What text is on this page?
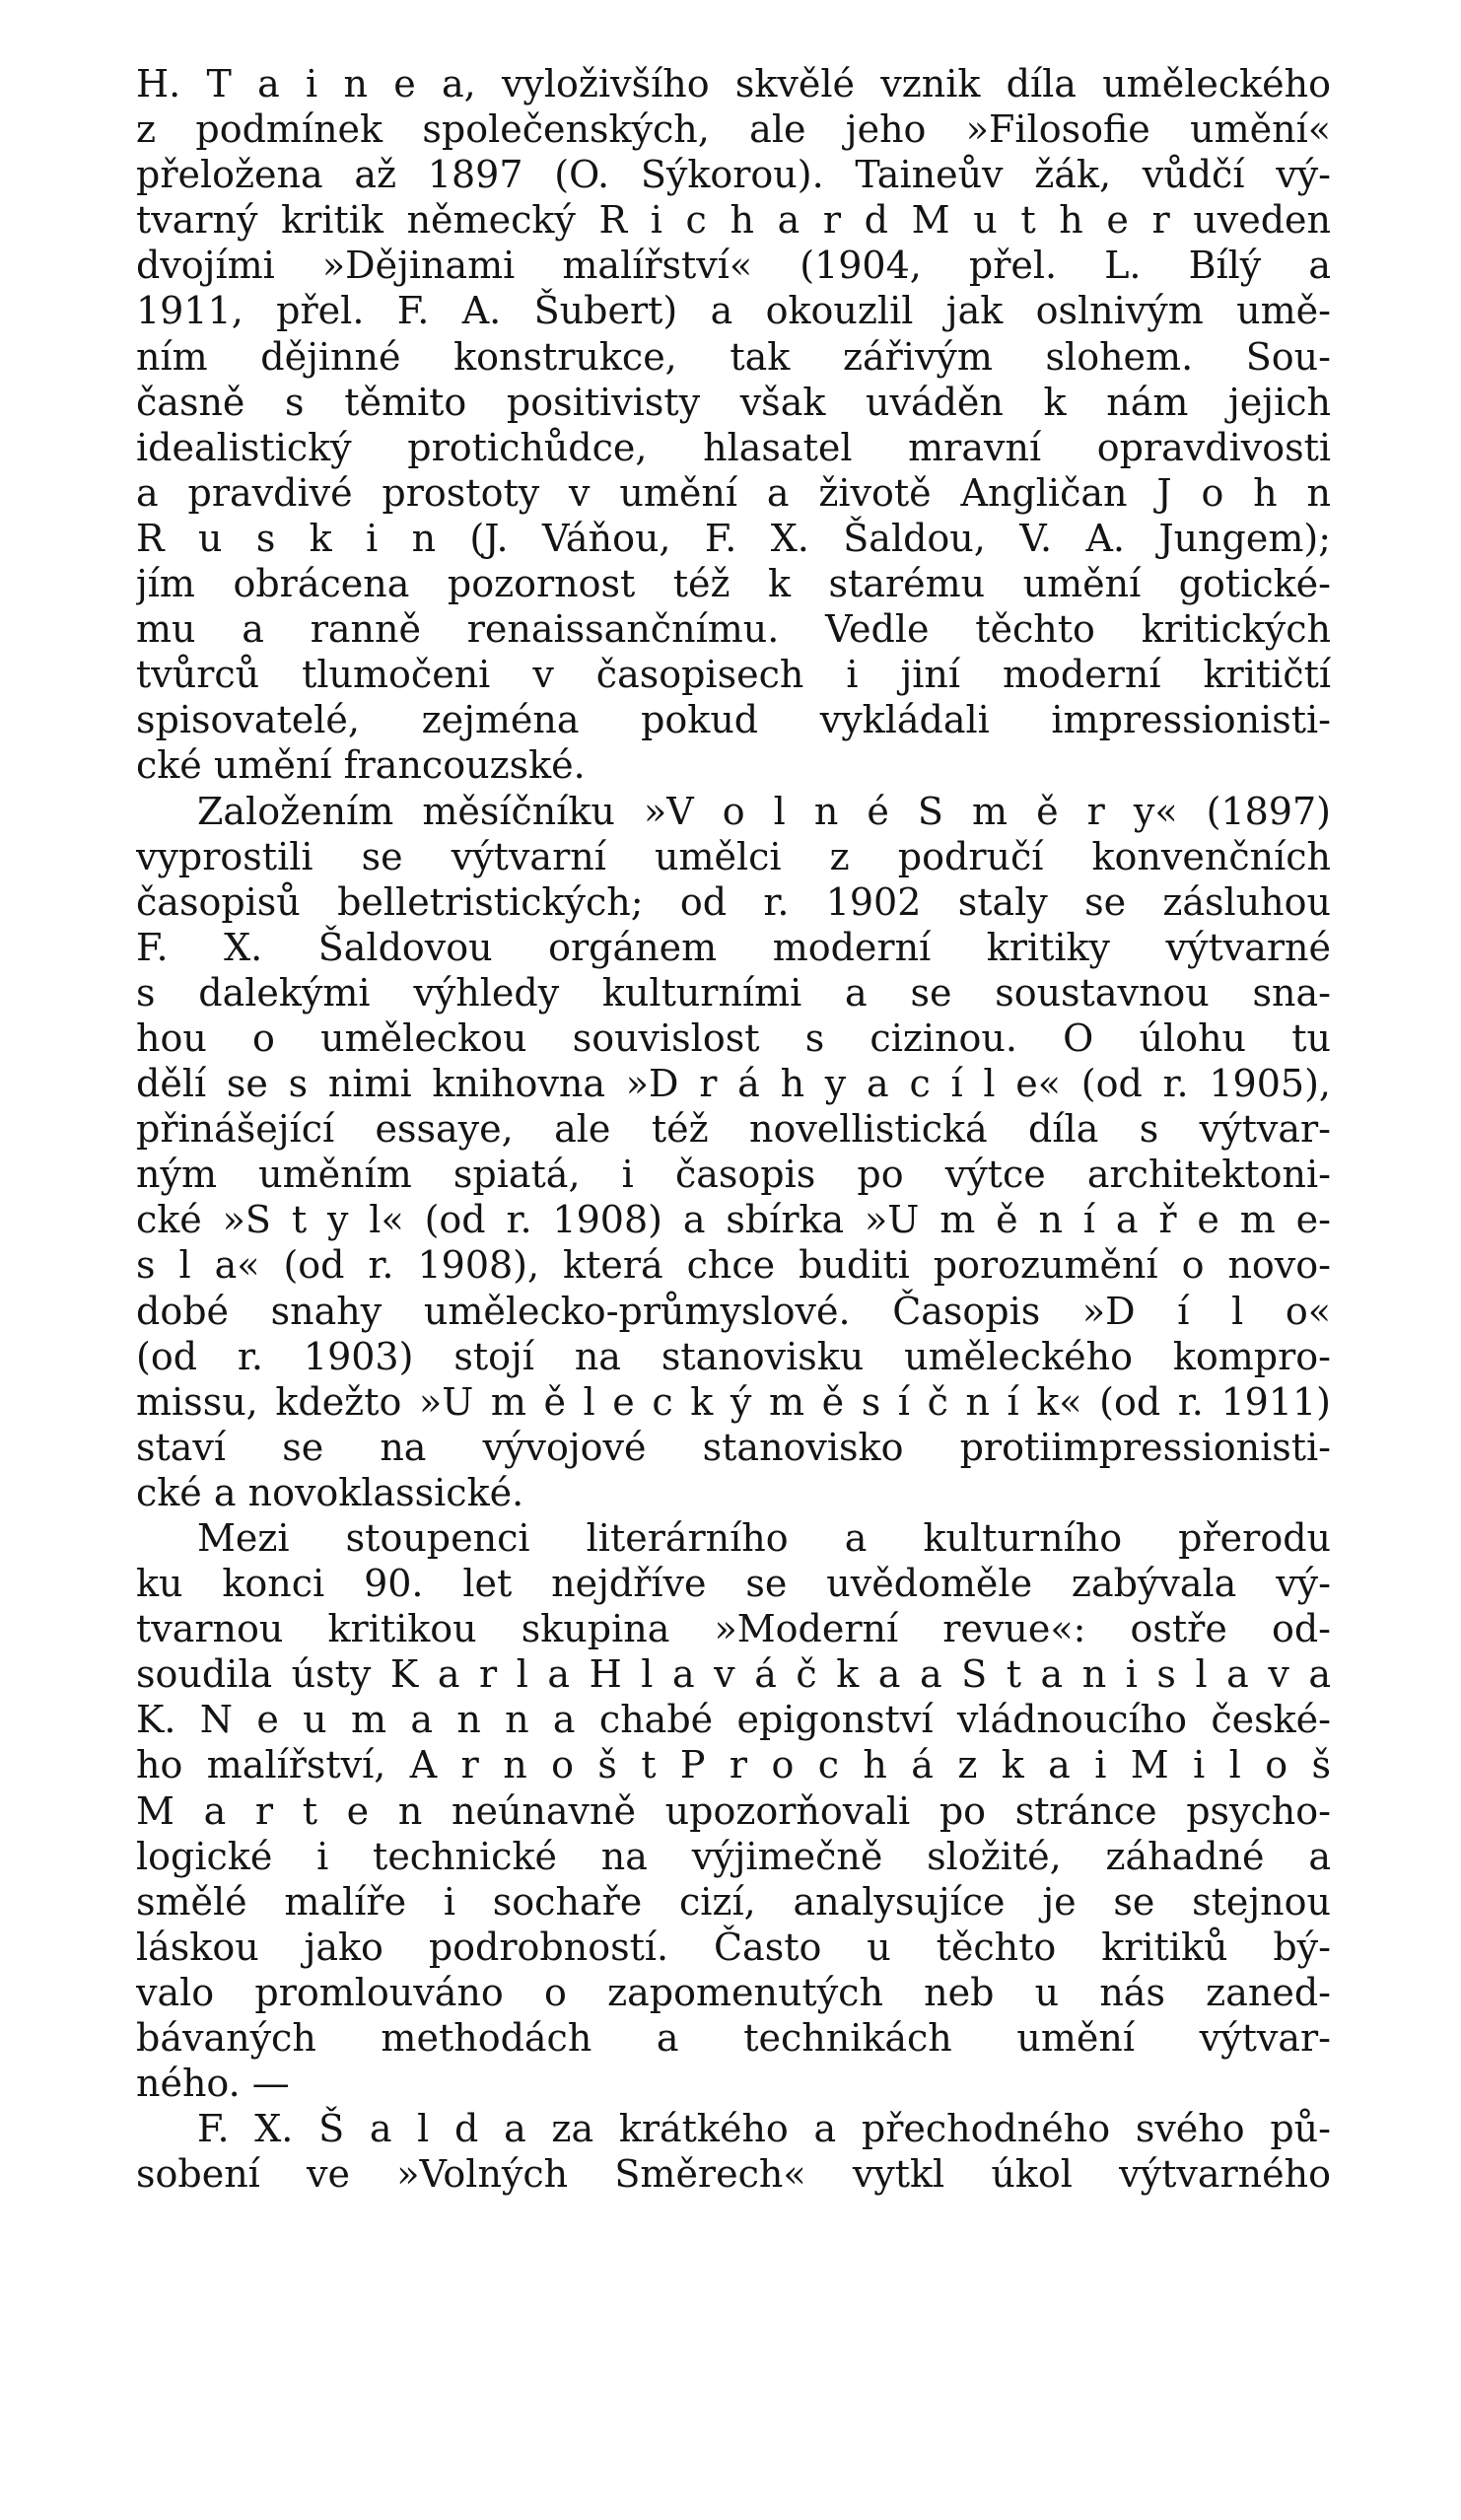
H. T a i n e a, vyloživšího skvělé vznik díla uměleckého
z podmínek společenských, ale jeho »Filosofie umění«
přeložena až 1897 (O. Sýkorou). Taineův žák, vůdčí vý-
tvarný kritik německý R i c h a r d M u t h e r uveden
dvojími »Dějinami malířství« (1904, přel. L. Bílý a
1911, přel. F. A. Šubert) a okouzlil jak oslnivým umě-
ním dějinné konstrukce, tak zářivým slohem. Sou-
časně s těmito positivisty však uváděn k nám jejich
idealistický protichůdce, hlasatel mravní opravdivosti
a pravdivé prostoty v umění a životě Angličan J o h n
R u s k i n (J. Váňou, F. X. Šaldou, V. A. Jungem);
jím obrácena pozornost též k starému umění gotické-
mu a ranně renaissančnímu. Vedle těchto kritických
tvůrců tlumočeni v časopisech i jiní moderní kritičtí
spisovatelé, zejména pokud vykládali impressionisti-
cké umění francouzské.
Založením měsíčníku »V o l n é S m ě r y« (1897)
vyprostili se výtvarní umělci z područí konvenčních
časopisů belletristických; od r. 1902 staly se zásluhou
F. X. Šaldovou orgánem moderní kritiky výtvarné
s dalekými výhledy kulturními a se soustavnou sna-
hou o uměleckou souvislost s cizinou. O úlohu tu
dělí se s nimi knihovna »D r á h y a c í l e« (od r. 1905),
přinášející essaye, ale též novellistická díla s výtvar-
ným uměním spiatá, i časopis po výtce architektoni-
cké »S t y l« (od r. 1908) a sbírka »U m ě n í a ř e m e-
s l a« (od r. 1908), která chce buditi porozumění o novo-
dobé snahy umělecko-průmyslové. Časopis »D í l o«
(od r. 1903) stojí na stanovisku uměleckého kompro-
missu, kdežto »U m ě l e c k ý m ě s í č n í k« (od r. 1911)
staví se na vývojové stanovisko protiimpressionisti-
cké a novoklassické.
Mezi stoupenci literárního a kulturního přerodu
ku konci 90. let nejdříve se uvědoměle zabývala vý-
tvarnou kritikou skupina »Moderní revue«: ostře od-
soudila ústy K a r l a H l a v á č k a a S t a n i s l a v a
K. N e u m a n n a chabé epigonství vládnoucího české-
ho malířství, A r n o š t P r o c h á z k a i M i l o š
M a r t e n neúnavně upozorňovali po stránce psycho-
logické i technické na výjimečně složité, záhadné a
smělé malíře i sochaře cizí, analysujíce je se stejnou
láskou jako podrobností. Často u těchto kritiků bý-
valo promlouváno o zapomenutých neb u nás zaned-
bávaných methodách a technikách umění výtvar-
ného. —
F. X. Š a l d a za krátkého a přechodného svého pů-
sobení ve »Volných Směrech« vytkl úkol výtvarného
